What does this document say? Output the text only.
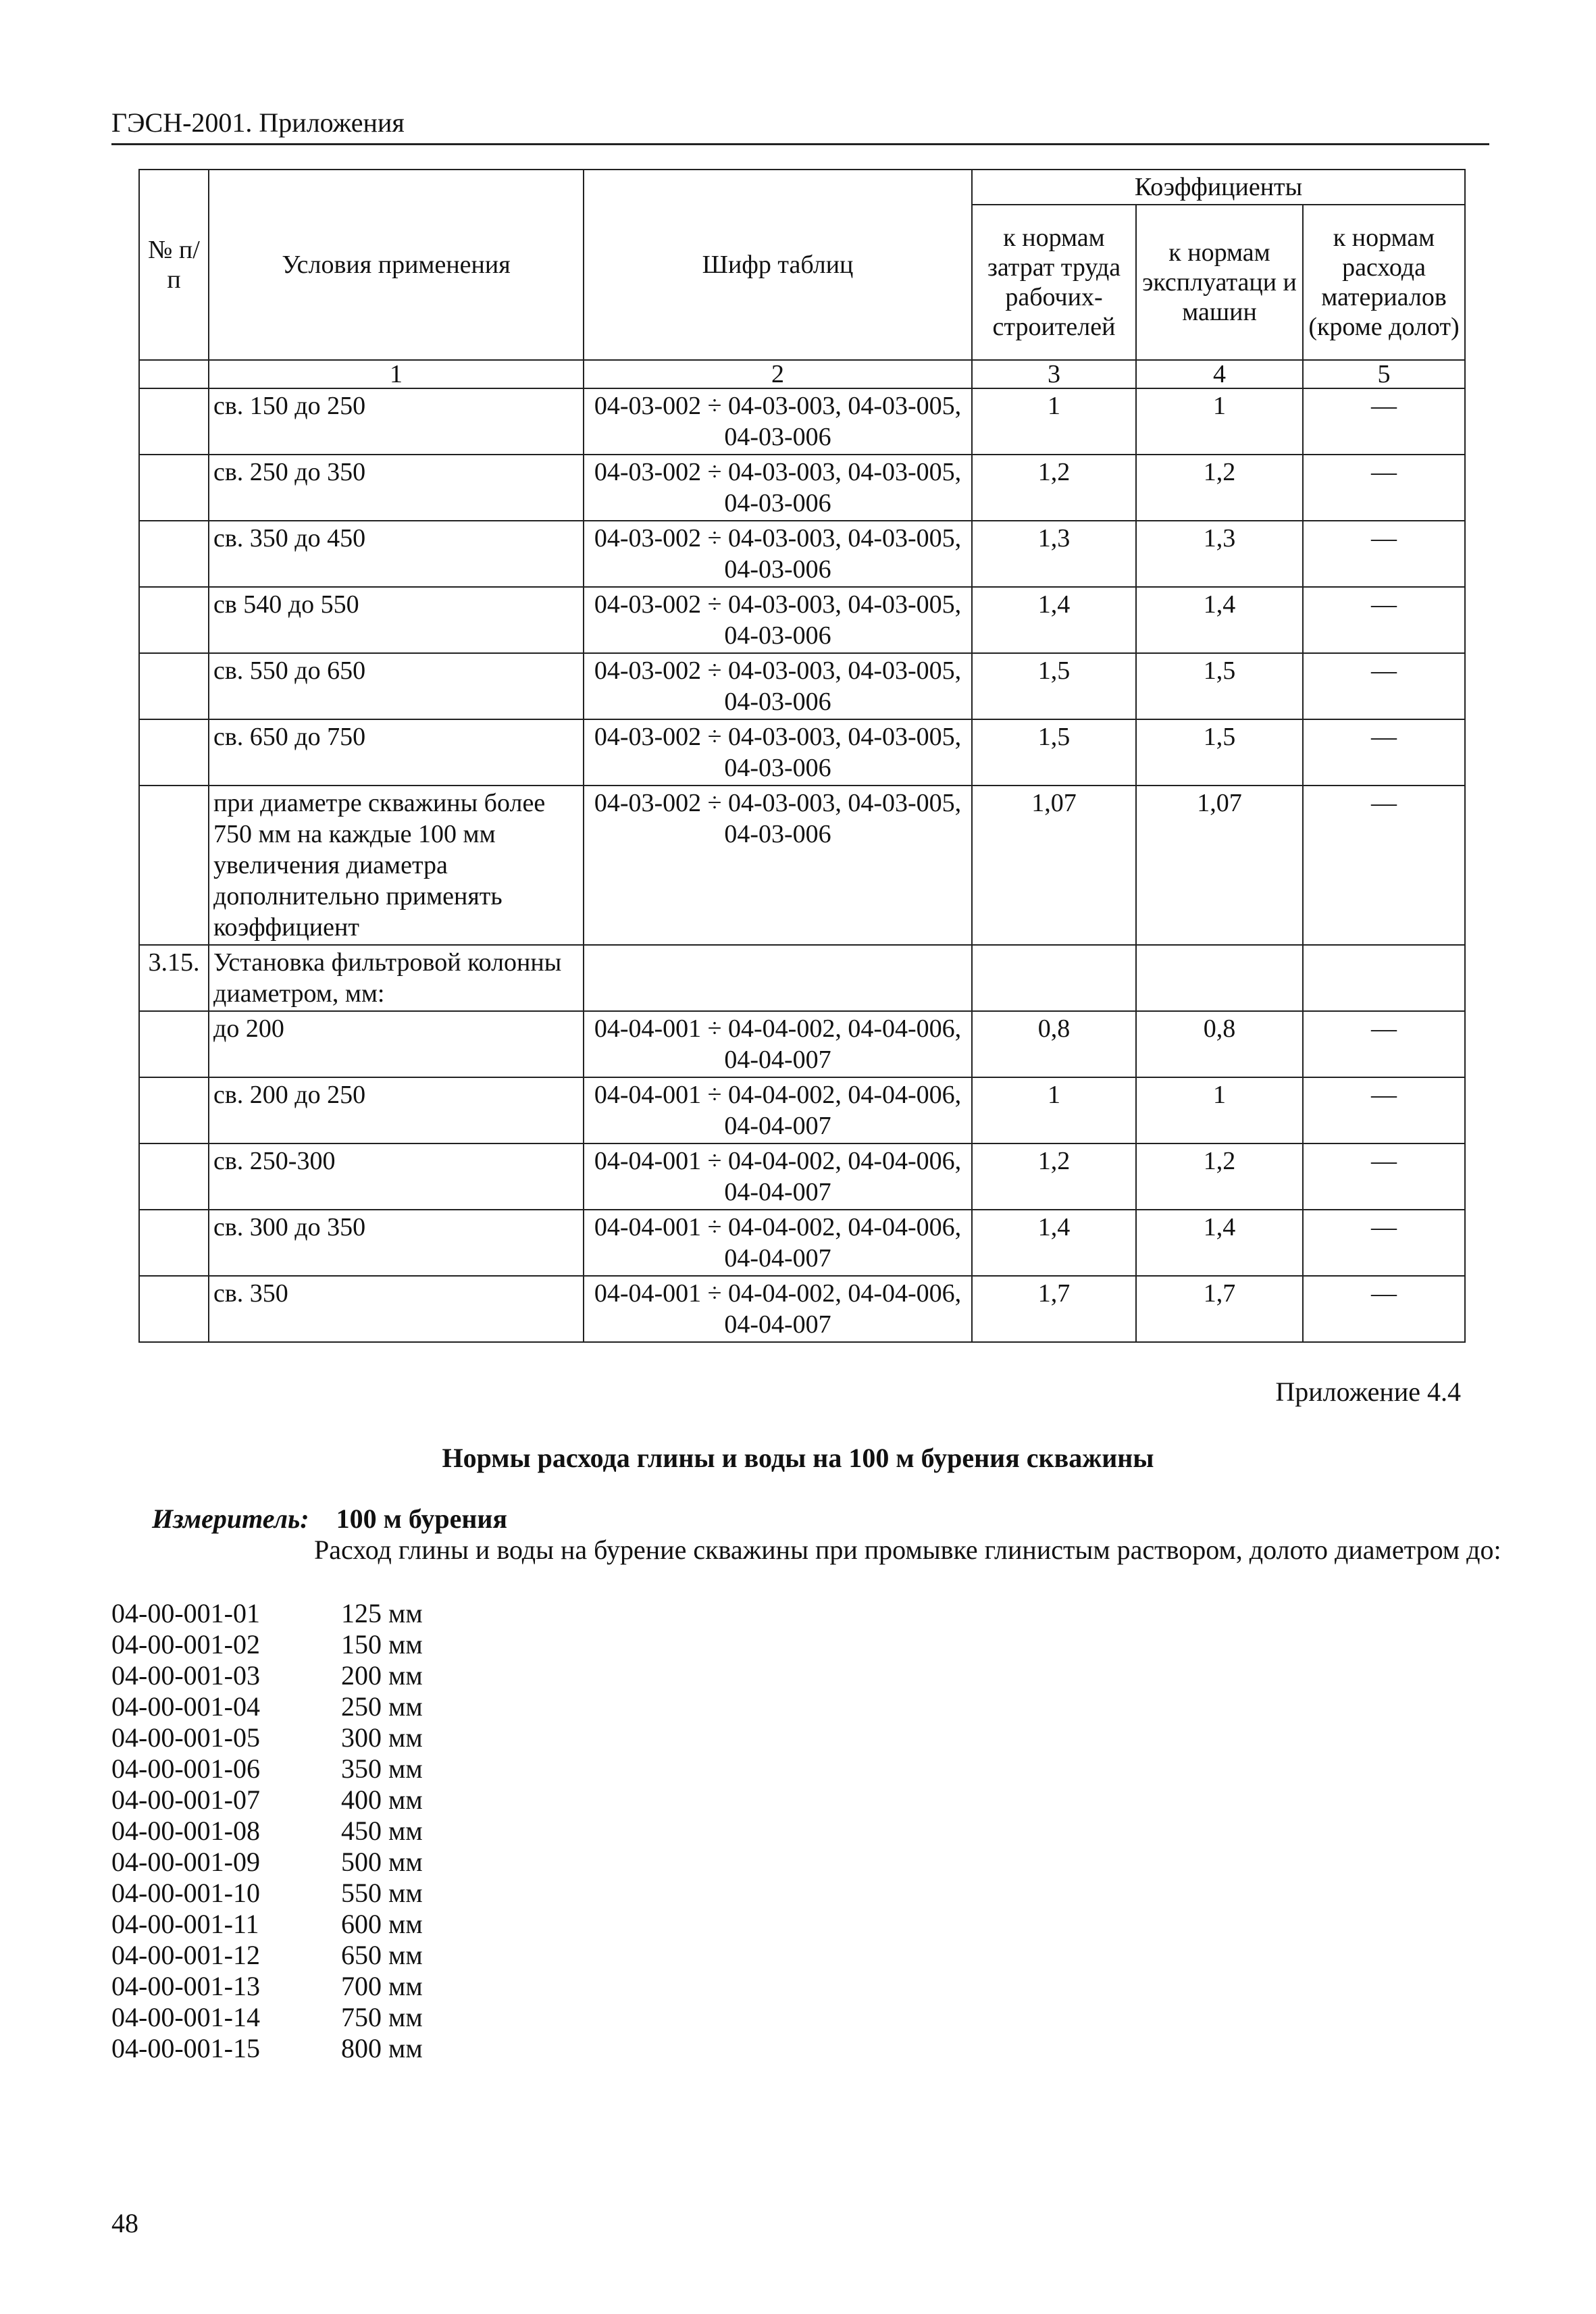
ГЭСН-2001. Приложения
№ п/п	Условия применения	Шифр таблиц	Коэффициенты		
			к нормам затрат труда рабочих-строителей	к нормам эксплуатаци и машин	к нормам расхода материалов (кроме долот)
	1	2	3	4	5
	св. 150 до 250	04-03-002 ÷ 04-03-003, 04-03-005, 04-03-006	1	1	—
	св. 250 до 350	04-03-002 ÷ 04-03-003, 04-03-005, 04-03-006	1,2	1,2	—
	св. 350 до 450	04-03-002 ÷ 04-03-003, 04-03-005, 04-03-006	1,3	1,3	—
	св 540 до 550	04-03-002 ÷ 04-03-003, 04-03-005, 04-03-006	1,4	1,4	—
	св. 550 до 650	04-03-002 ÷ 04-03-003, 04-03-005, 04-03-006	1,5	1,5	—
	св. 650 до 750	04-03-002 ÷ 04-03-003, 04-03-005, 04-03-006	1,5	1,5	—
	при диаметре скважины более 750 мм на каждые 100 мм увеличения диаметра дополнительно применять коэффициент	04-03-002 ÷ 04-03-003, 04-03-005, 04-03-006	1,07	1,07	—
3.15.	Установка фильтровой колонны диаметром, мм:				
	до 200	04-04-001 ÷ 04-04-002, 04-04-006, 04-04-007	0,8	0,8	—
	св. 200 до 250	04-04-001 ÷ 04-04-002, 04-04-006, 04-04-007	1	1	—
	св. 250-300	04-04-001 ÷ 04-04-002, 04-04-006, 04-04-007	1,2	1,2	—
	св. 300 до 350	04-04-001 ÷ 04-04-002, 04-04-006, 04-04-007	1,4	1,4	—
	св. 350	04-04-001 ÷ 04-04-002, 04-04-006, 04-04-007	1,7	1,7	—
Приложение 4.4
Нормы расхода глины и воды на 100 м бурения скважины
Измеритель: 100 м бурения
Расход глины и воды на бурение скважины при промывке глинистым раствором, долото диаметром до:
04-00-001-01	125 мм
04-00-001-02	150 мм
04-00-001-03	200 мм
04-00-001-04	250 мм
04-00-001-05	300 мм
04-00-001-06	350 мм
04-00-001-07	400 мм
04-00-001-08	450 мм
04-00-001-09	500 мм
04-00-001-10	550 мм
04-00-001-11	600 мм
04-00-001-12	650 мм
04-00-001-13	700 мм
04-00-001-14	750 мм
04-00-001-15	800 мм
48
